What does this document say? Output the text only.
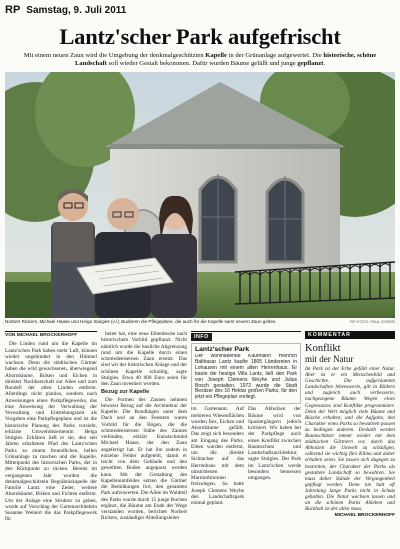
RP Samstag, 9. Juli 2011
Lantz'scher Park aufgefrischt

Mit einem neuen Zaun wird die Umgebung der denkmalgeschützten Kapelle in der Grünanlage aufgewertet. Die historische, schöne Landschaft soll wieder Gestalt bekommen. Dafür wurden Bäume gefällt und junge gepflanzt.

Norbert Rickers, Michael Haase und Helga Stulgies (v.l.) studieren die Pflegepläne, die auch für die Kapelle samt neuem Zaun gelten.	RP-FOTO: PAUL ESSER
VON MICHAEL BROCKERHOFF

Die Linden rund um die Kapelle im Lantz'schen Park haben mehr Luft, können wieder ungehindert in den Himmel wachsen. Denn die städtischen Gärtner haben die wild gewachsenen, überwiegend Ahornbäume, Birken und Eichen in direkter Nachbarschaft zur Allee und zum Rondell der alten Linden entfernt. Allerdings nicht planlos, sondern nach Anweisungen eines Parkpflegewerks, das eine Anweisung der Verwaltung der Verwaltung und Entstehungszeit als Vorgaben eine Parkpflegeplans und ist die historische Planung des Parks vorsieht, erklärte Umweltdezernentin Helga Stulgies. Erklären ließ er sie, den seit Jahren erhaltenen Pfad des Lantz'schen Parks zu einem freundlichen, hellen Grünanlage zu machen und die Kapelle. Mittelpunkt des historischen Parks, der in den Rückpunkt zu rücken. Bereits im vergangenen Jahr wurden die denkmalgeschützten Begräbniskapelle der Familie Lantz eine Zeder, weitere Ahornbäume, Birken und Fichten entfernt. Um der Anlage eine Struktur zu geben, wurde auf Vorschlag der Gartenarchitektin Susanne Weinert die das Parkpflegewerk für

beitet hat, eine neue Eibenhecke nach historischem Vorbild gepflanzt. Nicht nämlich wurde die bauliche Abgrenzung rund um die Kapelle durch einen schmiedeeisernen Zaun ersetzt. Das sind wir der historischen Anlage und der schönen Kapelle schuldig, sagte Stulgies. Etwa 40 000 Euro seien für den Zaun investiert worden.

Bezug zur Kapelle

Die Formen des Zaunes nehmen bewusst Bezug auf die Architektur der Kapelle. Die Rundbögen unter dem Dach und an den Fenstern waren Vorbild für die Bögen, die die schmiedeeisernen Stäbe des Zaunes verbinden, erklärt Kunstschmied Michael Haase, der den Zaun angefertigt hat. Er hat ihn zudem in einzelne Felder aufgeteilt, damit er leicht von dem Gebäude und den gewellten Boden angepasst werden kann. Mit der Gestaltung des Kapellenumfeldes setzen die Gärtner die Bemühungen fort, den gesamten Park aufzuwerten. Die Allee im Waldteil des Parks wurde durch 15 junge Buchen ergänzt, die Bäume am Ende der Wege verstanden worden, berichtet Norbert Rickers, zuständiger Abteilungsleiter

INFO
Lantz'scher Park

Der wohlhabende Kaufmann Heinrich Balthasar Lantz kaufte 1805 Ländereien in Lohausen mit einem alten Herrenhaus. Er baute die heutige Villa Lantz, ließ den Park von Joseph Clemens Weyhe und Julius Bosch gestalten. 1972 wurde die Stadt Besitzer des 16 Hektar großen Parks, für den jetzt ein Pflegeplan vorliegt.

im Gartenamt. Auf mehreren Wiesenflächen wurden Ilex, Eichen und Ahornbäume gefällt. Das zeigt sich besonders am Eingang des Parks. Eiben wurden entfernt, um die direkte Sichtachse auf das Herrenhaus mit dem umstrittenen Marmorbrunnen freizulegen. So hatte Joseph Clemens Weyhe den Landschaftspark einmal geplant.

Das Abholzen der Bäume wird von Spaziergängern jedoch kritisiert. Wir haben bei der Parkpflege auch einen Konflikt zwischen Baumschutz und Landschaftsarchitektur, sagte Stulgies. Der Park im Lantz'schen werde besonders bemessen umgangen.

KOMMENTAR
Konflikt
mit der Natur

Im Park ist der Erbe gefällt einer Natur. Aber ist er ein Menschenbild und Geschichte. Die aufgeräumten Landschaften lebenswerte, gilt in Bildern und zugleich auch verbesserte, nachgezogene Bäume. Wegen eines Gegensatzes sind Konflikte programmiert. Denn der Wert möglich viele Bäume und Büsche erhalten, und die Aufgabe, den Charakter eines Parks so bewahren passen zu bedingen anderen. Deshalb werden Baumschützer immer wieder mit dem städtischen Gärtnern vor, durch das Abholzen die Umwelt zu schädigen, während sie wichtig fürs Klima und daher erhalten seien. Sie lassen sich dagegen zu bestreiten, der Charakter der Parks als gestaltete Landschaft so bewahren. Sie muss daher Stände der Vergangenheit gepflegt werden. Denn nie hatt oft Jahrelang lange Parks nicht in Schutz gehalten. Die Natur wachsen lassen und an die schönen Parks Ableben und Rückhalt ist der allen muss.

MICHAEL BROCKERHOFF
